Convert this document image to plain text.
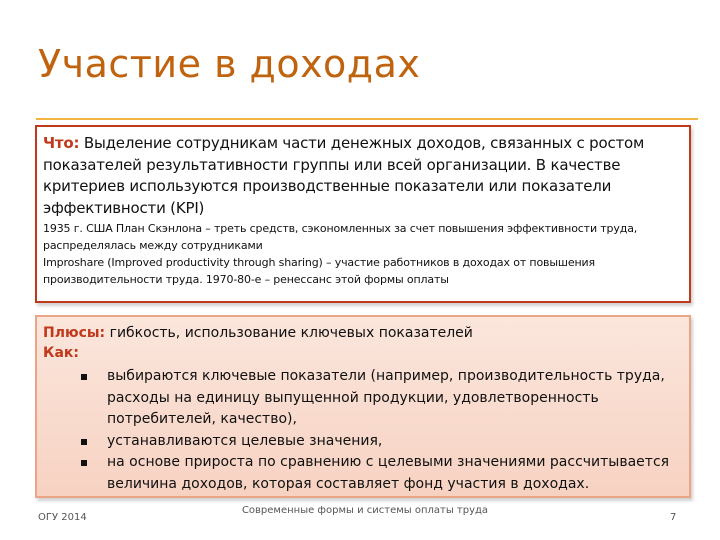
Участие в доходах

Что: Выделение сотрудникам части денежных доходов, связанных с ростом показателей результативности группы или всей организации. В качестве критериев используются производственные показатели или показатели эффективности (KPI)

1935 г. США План Скэнлона – треть средств, сэкономленных за счет повышения эффективности труда, распределялась между сотрудниками

Improshare (Improved productivity through sharing) – участие работников в доходах от повышения производительности труда. 1970-80-е – ренессанс этой формы оплаты

Плюсы: гибкость, использование ключевых показателей

Как:

выбираются ключевые показатели (например, производительность труда, расходы на единицу выпущенной продукции, удовлетворенность потребителей, качество),
устанавливаются целевые значения,
на основе прироста по сравнению с целевыми значениями рассчитывается величина доходов, которая составляет фонд участия в доходах.
ОГУ 2014
Современные формы и системы оплаты труда
7
